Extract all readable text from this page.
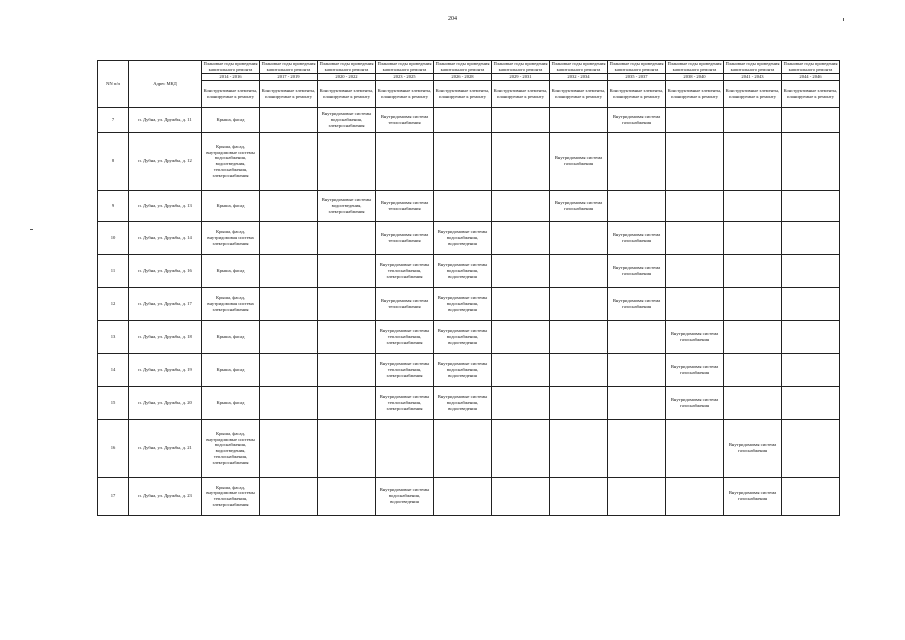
204
NN п/п	Адрес МКД	Плановые годы проведения капитального ремонта	Плановые годы проведения капитального ремонта	Плановые годы проведения капитального ремонта	Плановые годы проведения капитального ремонта	Плановые годы проведения капитального ремонта	Плановые годы проведения капитального ремонта	Плановые годы проведения капитального ремонта	Плановые годы проведения капитального ремонта	Плановые годы проведения капитального ремонта	Плановые годы проведения капитального ремонта	Плановые годы проведения капитального ремонта
		2014 - 2016	2017 - 2019	2020 - 2022	2023 - 2025	2026 - 2028	2029 - 2031	2032 - 2034	2035 - 2037	2038 - 2040	2041 - 2043	2044 - 2046
		Конструктивные элементы, планируемые к ремонту	Конструктивные элементы, планируемые к ремонту	Конструктивные элементы, планируемые к ремонту	Конструктивные элементы, планируемые к ремонту	Конструктивные элементы, планируемые к ремонту	Конструктивные элементы, планируемые к ремонту	Конструктивные элементы, планируемые к ремонту	Конструктивные элементы, планируемые к ремонту	Конструктивные элементы, планируемые к ремонту	Конструктивные элементы, планируемые к ремонту	Конструктивные элементы, планируемые к ремонту
7	п. Дубна, ул. Дружбы, д. 11	Крыша, фасад		Внутридомовые системы водоснабжения, электроснабжения	Внутридомовая система теплоснабжения				Внутридомовая система газоснабжения			
8	п. Дубна, ул. Дружбы, д. 12	Крыша, фасад, внутридомовые системы водоснабжения, водоотведения, теплоснабжения, электроснабжения						Внутридомовая система газоснабжения				
9	п. Дубна, ул. Дружбы, д. 13	Крыша, фасад		Внутридомовые системы водоотведения, электроснабжения	Внутридомовая система теплоснабжения			Внутридомовая система газоснабжения				
10	п. Дубна, ул. Дружбы, д. 14	Крыша, фасад, внутридомовая система электроснабжения			Внутридомовая система теплоснабжения	Внутридомовые системы водоснабжения, водоотведения			Внутридомовая система газоснабжения			
11	п. Дубна, ул. Дружбы, д. 16	Крыша, фасад			Внутридомовые системы теплоснабжения, электроснабжения	Внутридомовые системы водоснабжения, водоотведения			Внутридомовая система газоснабжения			
12	п. Дубна, ул. Дружбы, д. 17	Крыша, фасад, внутридомовая система электроснабжения			Внутридомовая система теплоснабжения	Внутридомовые системы водоснабжения, водоотведения			Внутридомовая система газоснабжения			
13	п. Дубна, ул. Дружбы, д. 18	Крыша, фасад			Внутридомовые системы теплоснабжения, электроснабжения	Внутридомовые системы водоснабжения, водоотведения				Внутридомовая система газоснабжения		
14	п. Дубна, ул. Дружбы, д. 19	Крыша, фасад			Внутридомовые системы теплоснабжения, электроснабжения	Внутридомовые системы водоснабжения, водоотведения				Внутридомовая система газоснабжения		
15	п. Дубна, ул. Дружбы, д. 20	Крыша, фасад			Внутридомовые системы теплоснабжения, электроснабжения	Внутридомовые системы водоснабжения, водоотведения				Внутридомовая система газоснабжения		
16	п. Дубна, ул. Дружбы, д. 21	Крыша, фасад, внутридомовые системы водоснабжения, водоотведения, теплоснабжения, электроснабжения									Внутридомовая система газоснабжения	
17	п. Дубна, ул. Дружбы, д. 23	Крыша, фасад, внутридомовые системы теплоснабжения, электроснабжения			Внутридомовые системы водоснабжения, водоотведения						Внутридомовая система газоснабжения	
